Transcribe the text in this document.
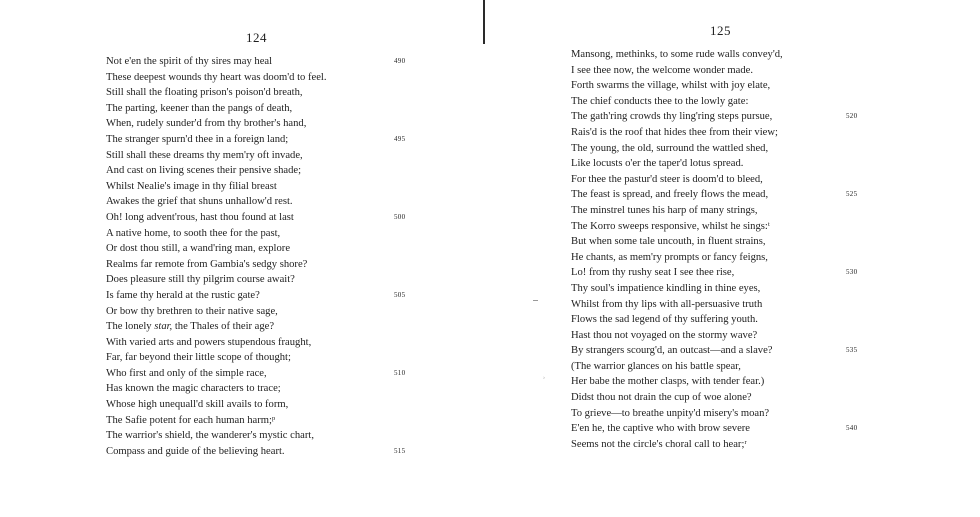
›
124
Not e'en the spirit of thy sires may heal	490
These deepest wounds thy heart was doom'd to feel.
Still shall the floating prison's poison'd breath,
The parting, keener than the pangs of death,
When, rudely sunder'd from thy brother's hand,
The stranger spurn'd thee in a foreign land;	495
Still shall these dreams thy mem'ry oft invade,
And cast on living scenes their pensive shade;
Whilst Nealie's image in thy filial breast
Awakes the grief that shuns unhallow'd rest.
Oh! long advent'rous, hast thou found at last	500
A native home, to sooth thee for the past,
Or dost thou still, a wand'ring man, explore
Realms far remote from Gambia's sedgy shore?
Does pleasure still thy pilgrim course await?
Is fame thy herald at the rustic gate?	505
Or bow thy brethren to their native sage,
The lonely star, the Thales of their age?
With varied arts and powers stupendous fraught,
Far, far beyond their little scope of thought;
Who first and only of the simple race,	510
Has known the magic characters to trace;
Whose high unequall'd skill avails to form,
The Safie potent for each human harm;ᵖ
The warrior's shield, the wanderer's mystic chart,
Compass and guide of the believing heart.	515
125
Mansong, methinks, to some rude walls convey'd,
I see thee now, the welcome wonder made.
Forth swarms the village, whilst with joy elate,
The chief conducts thee to the lowly gate:
The gath'ring crowds thy ling'ring steps pursue,	520
Rais'd is the roof that hides thee from their view;
The young, the old, surround the wattled shed,
Like locusts o'er the taper'd lotus spread.
For thee the pastur'd steer is doom'd to bleed,
The feast is spread, and freely flows the mead,	525
The minstrel tunes his harp of many strings,
The Korro sweeps responsive, whilst he sings:ᵗ
But when some tale uncouth, in fluent strains,
He chants, as mem'ry prompts or fancy feigns,
Lo! from thy rushy seat I see thee rise,	530
Thy soul's impatience kindling in thine eyes,
Whilst from thy lips with all-persuasive truth
Flows the sad legend of thy suffering youth.
Hast thou not voyaged on the stormy wave?
By strangers scourg'd, an outcast—and a slave?	535
(The warrior glances on his battle spear,
Her babe the mother clasps, with tender fear.)
Didst thou not drain the cup of woe alone?
To grieve—to breathe unpity'd misery's moan?
E'en he, the captive who with brow severe	540
Seems not the circle's choral call to hear;ʳ
